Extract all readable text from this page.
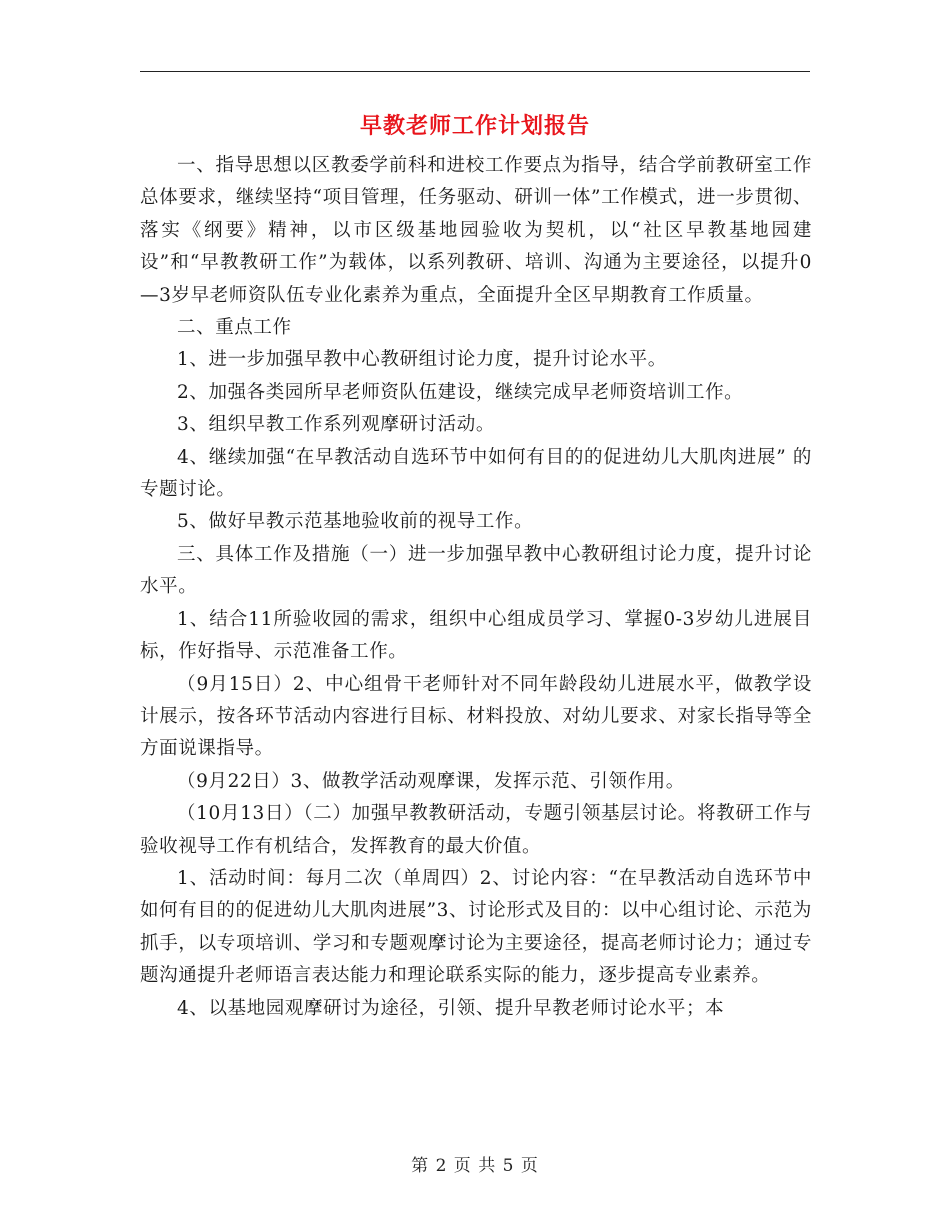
早教老师工作计划报告

一、指导思想以区教委学前科和进校工作要点为指导，结合学前教研室工作总体要求，继续坚持“项目管理，任务驱动、研训一体”工作模式，进一步贯彻、落实《纲要》精神，以市区级基地园验收为契机，以“社区早教基地园建设”和“早教教研工作”为载体，以系列教研、培训、沟通为主要途径，以提升0—3岁早老师资队伍专业化素养为重点，全面提升全区早期教育工作质量。

二、重点工作

1、进一步加强早教中心教研组讨论力度，提升讨论水平。

2、加强各类园所早老师资队伍建设，继续完成早老师资培训工作。

3、组织早教工作系列观摩研讨活动。

4、继续加强“在早教活动自选环节中如何有目的的促进幼儿大肌肉进展” 的专题讨论。

5、做好早教示范基地验收前的视导工作。

三、具体工作及措施（一）进一步加强早教中心教研组讨论力度，提升讨论水平。

1、结合11所验收园的需求，组织中心组成员学习、掌握0-3岁幼儿进展目标，作好指导、示范准备工作。

（9月15日）2、中心组骨干老师针对不同年龄段幼儿进展水平，做教学设计展示，按各环节活动内容进行目标、材料投放、对幼儿要求、对家长指导等全方面说课指导。

（9月22日）3、做教学活动观摩课，发挥示范、引领作用。

（10月13日）（二）加强早教教研活动，专题引领基层讨论。将教研工作与验收视导工作有机结合，发挥教育的最大价值。

1、活动时间：每月二次（单周四）2、讨论内容：“在早教活动自选环节中如何有目的的促进幼儿大肌肉进展”3、讨论形式及目的：以中心组讨论、示范为抓手，以专项培训、学习和专题观摩讨论为主要途径，提高老师讨论力；通过专题沟通提升老师语言表达能力和理论联系实际的能力，逐步提高专业素养。

4、以基地园观摩研讨为途径，引领、提升早教老师讨论水平；本

第 2 页 共 5 页
